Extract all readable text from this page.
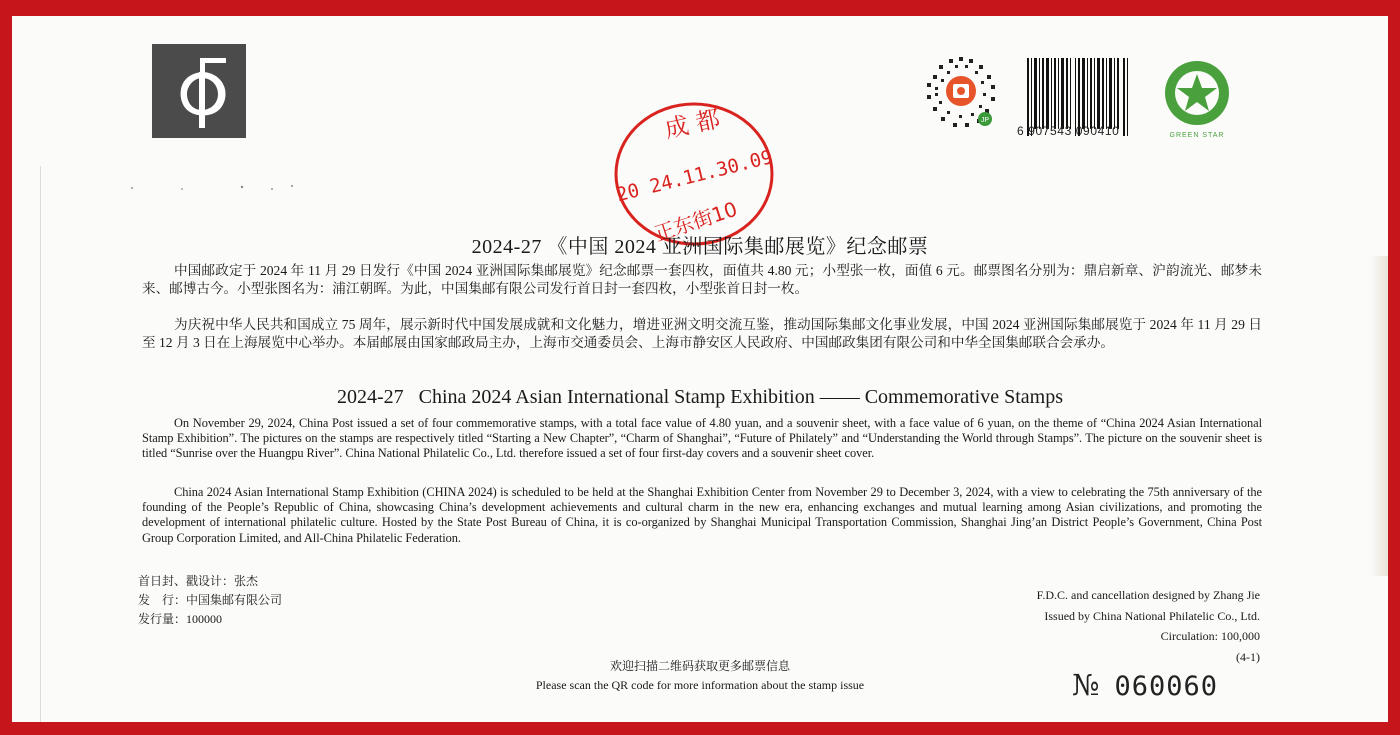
JP
6 907543 090410	GREEN STAR
成 都
20 24.11.30.09
正东街10
2024-27 《中国 2024 亚洲国际集邮展览》纪念邮票

中国邮政定于 2024 年 11 月 29 日发行《中国 2024 亚洲国际集邮展览》纪念邮票一套四枚，面值共 4.80 元；小型张一枚，面值 6 元。邮票图名分别为：鼎启新章、沪韵流光、邮梦未来、邮博古今。小型张图名为：浦江朝晖。为此，中国集邮有限公司发行首日封一套四枚，小型张首日封一枚。

为庆祝中华人民共和国成立 75 周年，展示新时代中国发展成就和文化魅力，增进亚洲文明交流互鉴，推动国际集邮文化事业发展，中国 2024 亚洲国际集邮展览于 2024 年 11 月 29 日至 12 月 3 日在上海展览中心举办。本届邮展由国家邮政局主办，上海市交通委员会、上海市静安区人民政府、中国邮政集团有限公司和中华全国集邮联合会承办。

2024-27   China 2024 Asian International Stamp Exhibition —— Commemorative Stamps

On November 29, 2024, China Post issued a set of four commemorative stamps, with a total face value of 4.80 yuan, and a souvenir sheet, with a face value of 6 yuan, on the theme of “China 2024 Asian International Stamp Exhibition”. The pictures on the stamps are respectively titled “Starting a New Chapter”, “Charm of Shanghai”, “Future of Philately” and “Understanding the World through Stamps”. The picture on the souvenir sheet is titled “Sunrise over the Huangpu River”. China National Philatelic Co., Ltd. therefore issued a set of four first-day covers and a souvenir sheet cover.

China 2024 Asian International Stamp Exhibition (CHINA 2024) is scheduled to be held at the Shanghai Exhibition Center from November 29 to December 3, 2024, with a view to celebrating the 75th anniversary of the founding of the People’s Republic of China, showcasing China’s development achievements and cultural charm in the new era, enhancing exchanges and mutual learning among Asian civilizations, and promoting the development of international philatelic culture. Hosted by the State Post Bureau of China, it is co-organized by Shanghai Municipal Transportation Commission, Shanghai Jing’an District People’s Government, China Post Group Corporation Limited, and All-China Philatelic Federation.

首日封、戳设计：张杰
发　行：中国集邮有限公司
发行量：100000
F.D.C. and cancellation designed by Zhang Jie
Issued by China National Philatelic Co., Ltd.
Circulation: 100,000
(4-1)
欢迎扫描二维码获取更多邮票信息
Please scan the QR code for more information about the stamp issue	№ 060060
